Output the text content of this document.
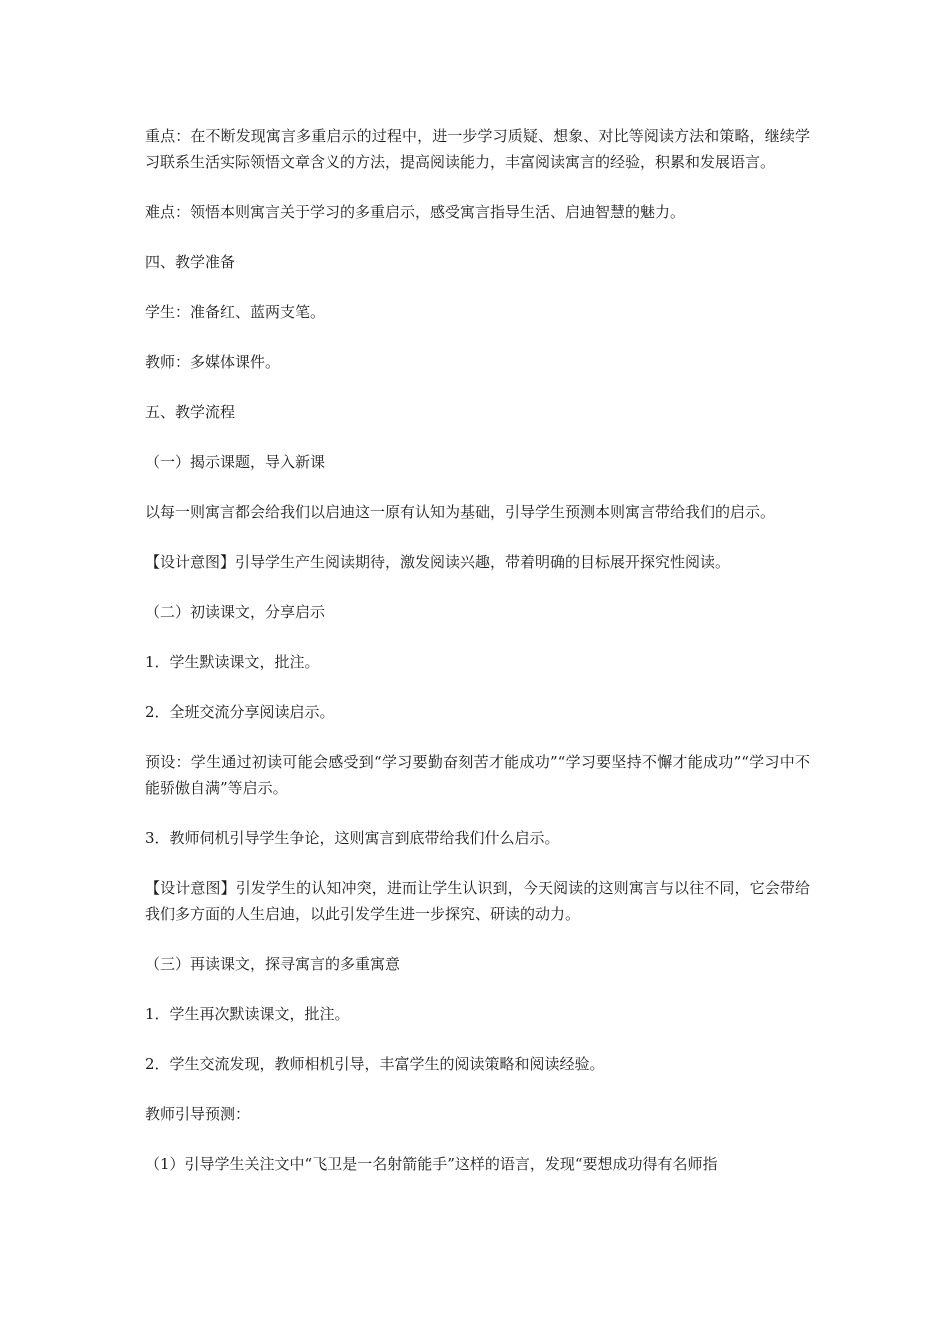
重点：在不断发现寓言多重启示的过程中，进一步学习质疑、想象、对比等阅读方法和策略，继续学习联系生活实际领悟文章含义的方法，提高阅读能力，丰富阅读寓言的经验，积累和发展语言。

难点：领悟本则寓言关于学习的多重启示，感受寓言指导生活、启迪智慧的魅力。

四、教学准备

学生：准备红、蓝两支笔。

教师：多媒体课件。

五、教学流程

（一）揭示课题，导入新课

以每一则寓言都会给我们以启迪这一原有认知为基础，引导学生预测本则寓言带给我们的启示。

【设计意图】引导学生产生阅读期待，激发阅读兴趣，带着明确的目标展开探究性阅读。

（二）初读课文，分享启示

1．学生默读课文，批注。

2．全班交流分享阅读启示。

预设：学生通过初读可能会感受到“学习要勤奋刻苦才能成功”“学习要坚持不懈才能成功”“学习中不能骄傲自满”等启示。

3．教师伺机引导学生争论，这则寓言到底带给我们什么启示。

【设计意图】引发学生的认知冲突，进而让学生认识到，今天阅读的这则寓言与以往不同，它会带给我们多方面的人生启迪，以此引发学生进一步探究、研读的动力。

（三）再读课文，探寻寓言的多重寓意

1．学生再次默读课文，批注。

2．学生交流发现，教师相机引导，丰富学生的阅读策略和阅读经验。

教师引导预测：

（1）引导学生关注文中“飞卫是一名射箭能手”这样的语言，发现“要想成功得有名师指
